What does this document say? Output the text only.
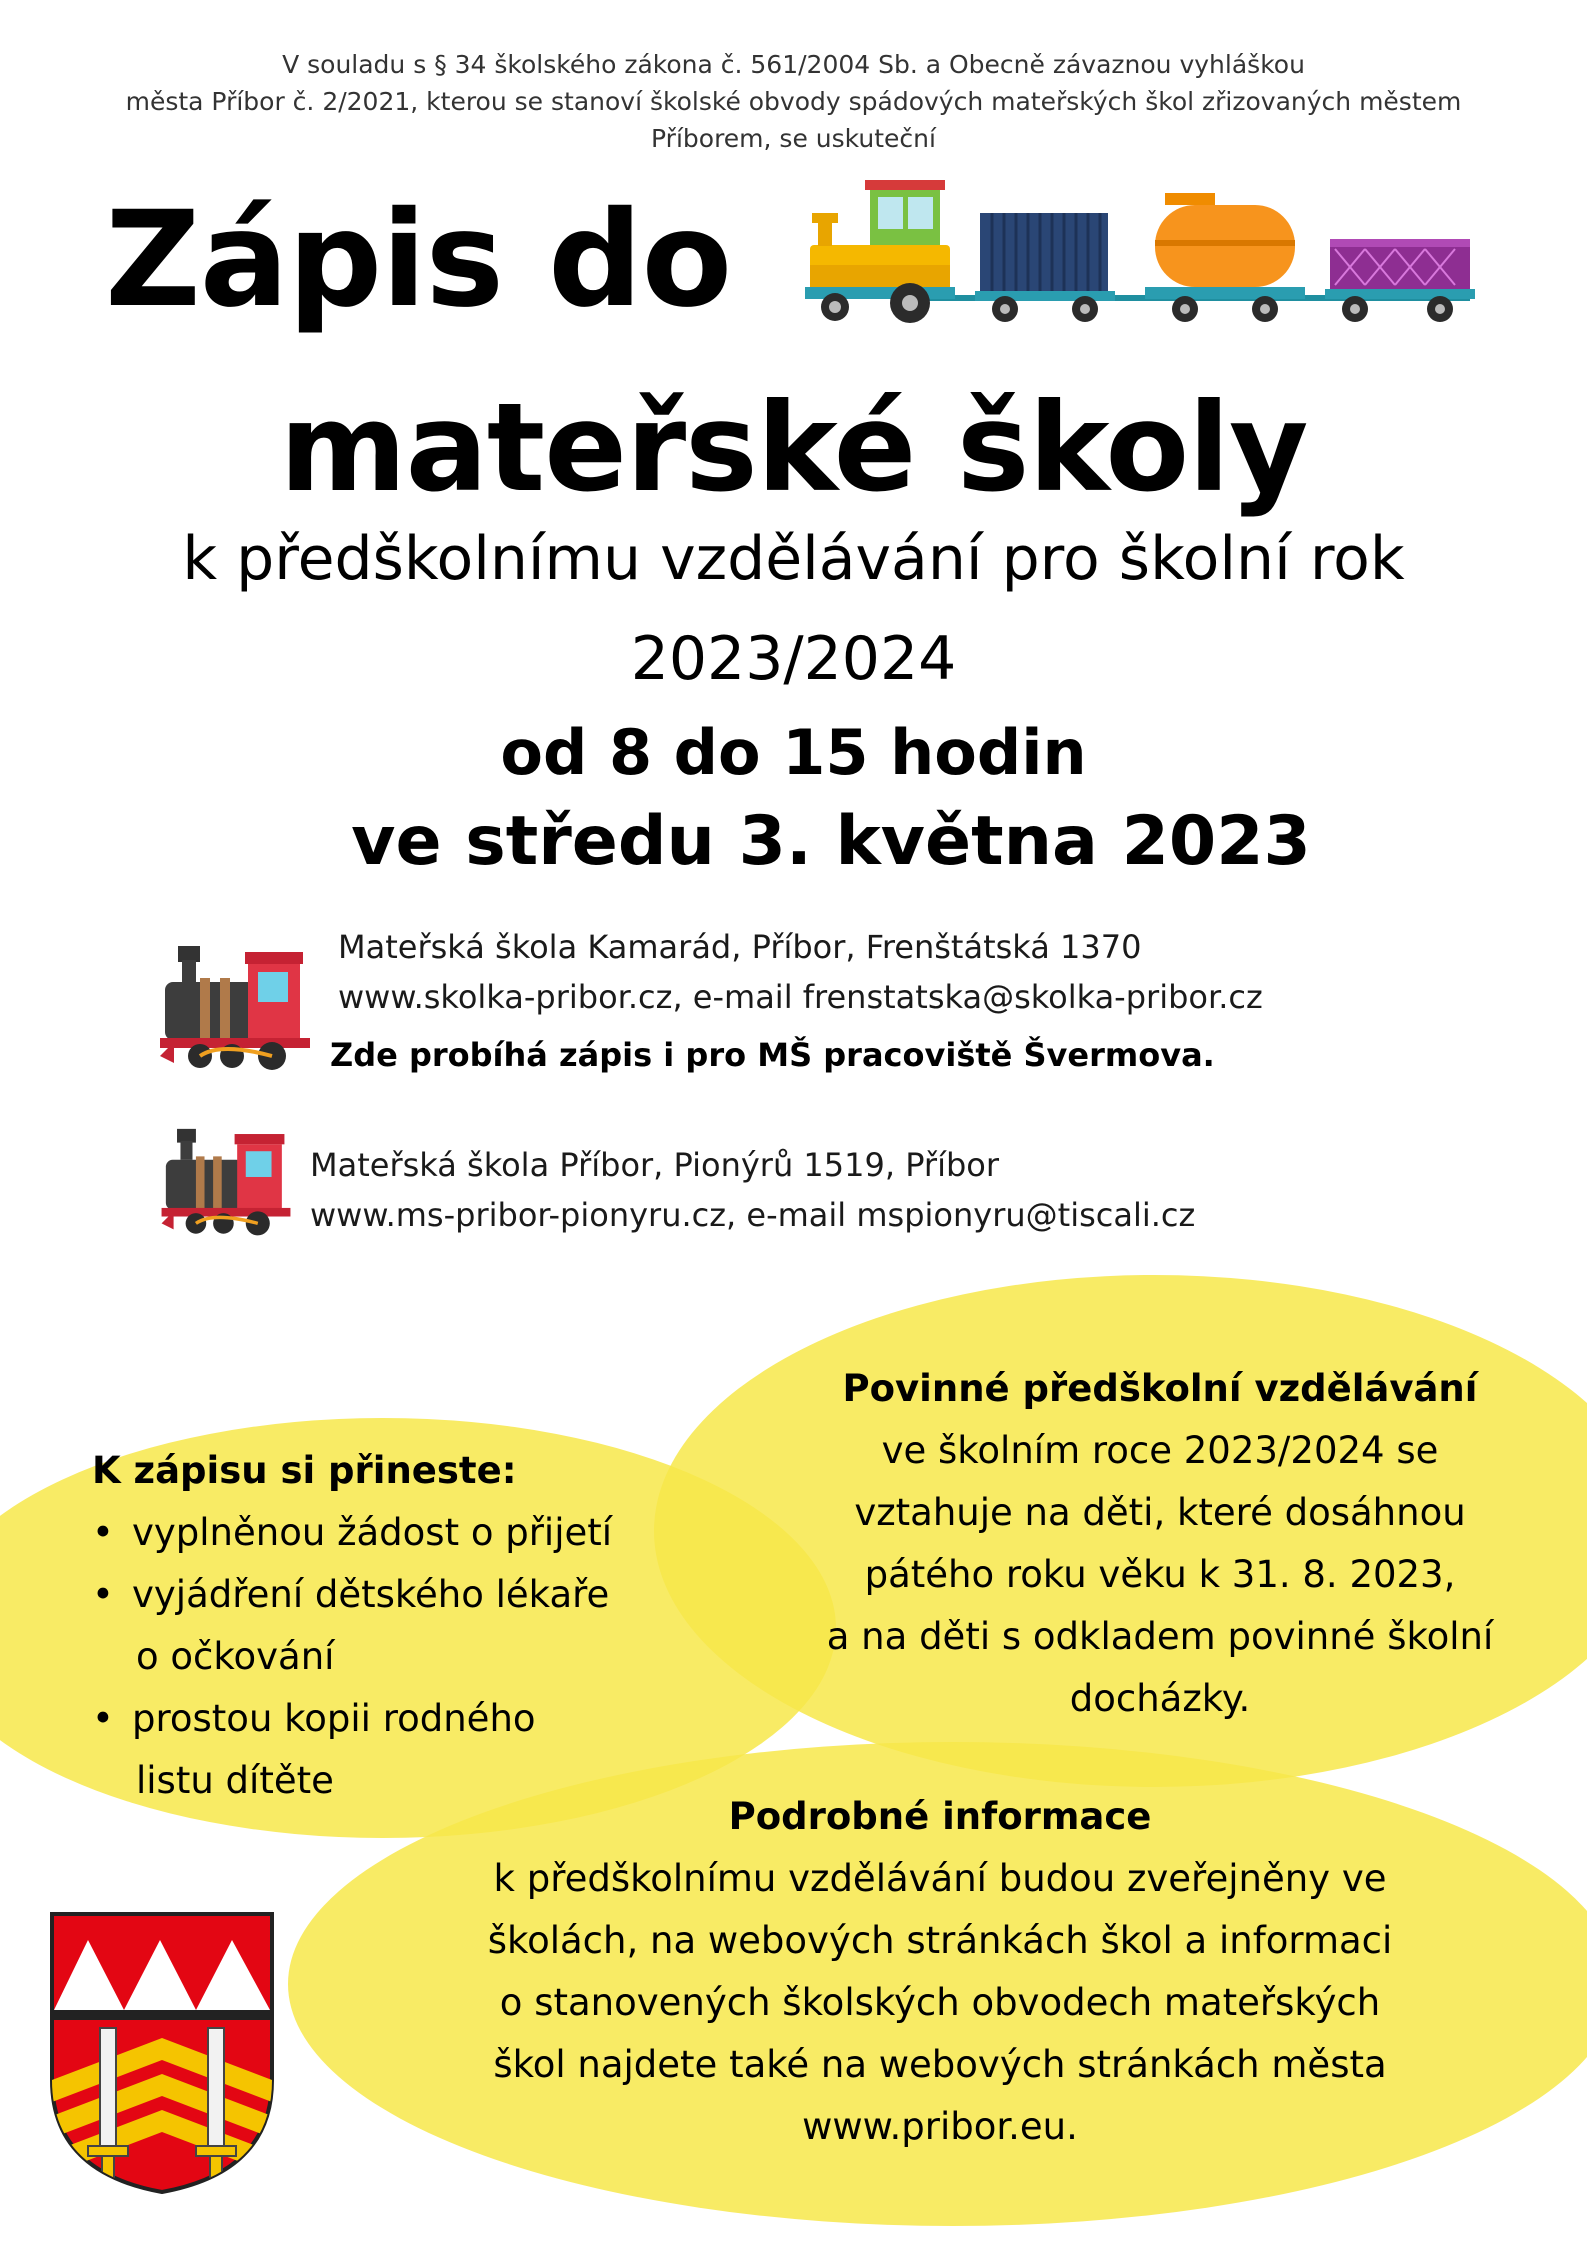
V souladu s § 34 školského zákona č. 561/2004 Sb. a Obecně závaznou vyhláškou
města Příbor č. 2/2021, kterou se stanoví školské obvody spádových mateřských škol zřizovaných městem
Příborem, se uskuteční
Zápis do
mateřské školy
k předškolnímu vzdělávání pro školní rok
2023/2024
od 8 do 15 hodin
ve středu 3. května 2023
Mateřská škola Kamarád, Příbor, Frenštátská 1370
www.skolka-pribor.cz, e-mail frenstatska@skolka-pribor.cz
Zde probíhá zápis i pro MŠ pracoviště Švermova.
Mateřská škola Příbor, Pionýrů 1519, Příbor
www.ms-pribor-pionyru.cz, e-mail mspionyru@tiscali.cz
Povinné předškolní vzdělávání
ve školním roce 2023/2024 se
vztahuje na děti, které dosáhnou
pátého roku věku k 31. 8. 2023,
a na děti s odkladem povinné školní
docházky.
K zápisu si přineste:
• vyplněnou žádost o přijetí
• vyjádření dětského lékaře
o očkování
• prostou kopii rodného
listu dítěte
Podrobné informace
k předškolnímu vzdělávání budou zveřejněny ve
školách, na webových stránkách škol a informaci
o stanovených školských obvodech mateřských
škol najdete také na webových stránkách města
www.pribor.eu.
